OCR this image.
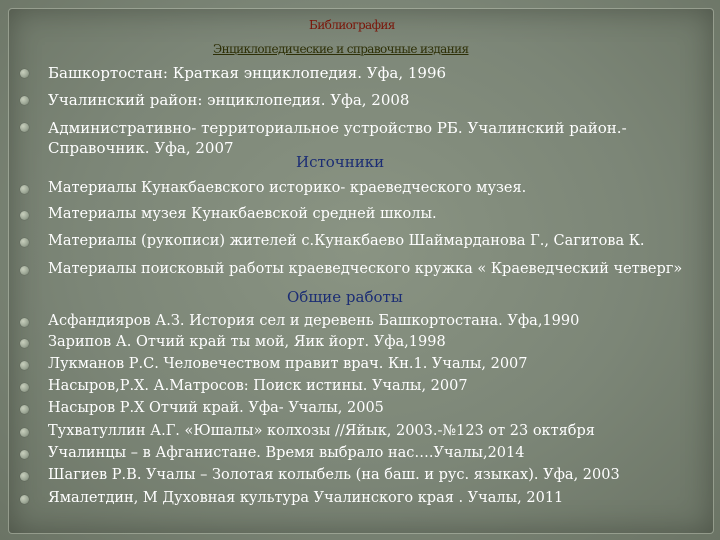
Библиография
Энциклопедические и справочные издания
Башкортостан: Краткая энциклопедия. Уфа, 1996
Учалинский район: энциклопедия. Уфа, 2008
Административно- территориальное устройство РБ. Учалинский район.-
Справочник. Уфа, 2007
Источники
Материалы Кунакбаевского историко- краеведческого музея.
Материалы музея Кунакбаевской средней школы.
Материалы (рукописи) жителей с.Кунакбаево Шаймарданова Г., Сагитова К.
Материалы поисковый работы краеведческого кружка « Краеведческий четверг»
Общие работы
Асфандияров А.З. История сел и деревень Башкортостана. Уфа,1990
Зарипов А. Отчий край ты мой, Яик йорт. Уфа,1998
Лукманов Р.С. Человечеством правит врач. Кн.1. Учалы, 2007
Насыров,Р.Х. А.Матросов: Поиск истины. Учалы, 2007
Насыров Р.Х Отчий край. Уфа- Учалы, 2005
Тухватуллин А.Г. «Юшалы» колхозы //Яйык, 2003.-№123 от 23 октября
Учалинцы – в Афганистане. Время выбрало нас….Учалы,2014
Шагиев Р.В. Учалы – Золотая колыбель (на баш. и рус. языках). Уфа, 2003
Ямалетдин, М Духовная культура Учалинского края . Учалы, 2011
